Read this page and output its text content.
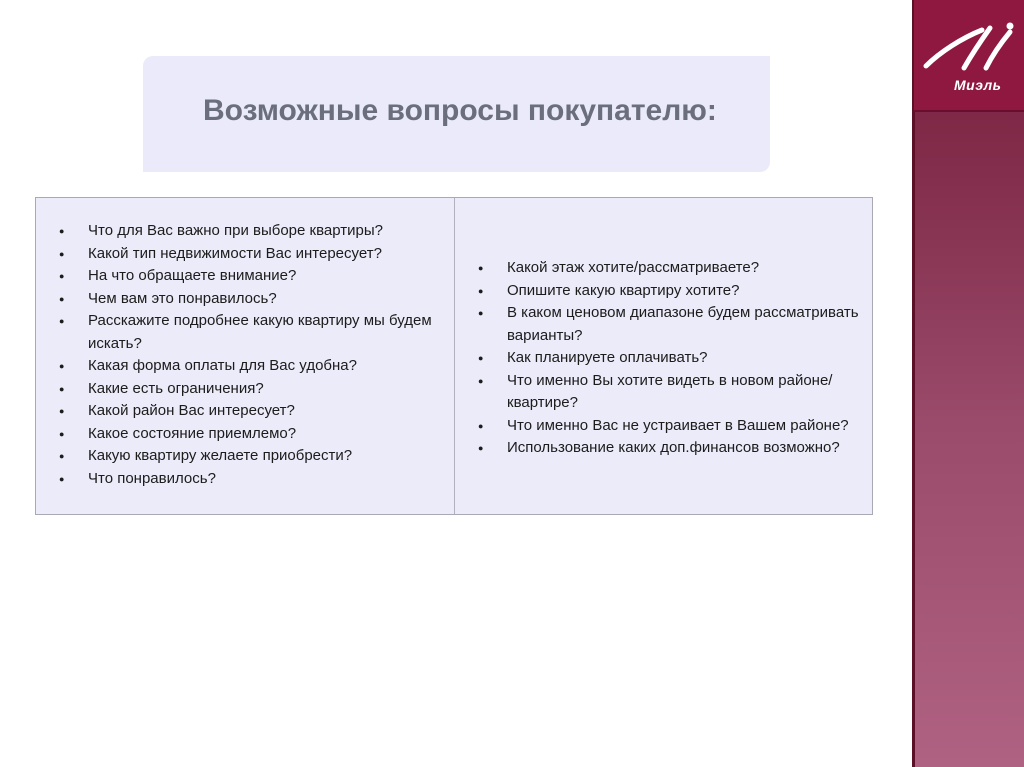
Возможные вопросы покупателю:
● Что для Вас важно при выборе квартиры?
● Какой тип недвижимости Вас интересует?
● На что обращаете внимание?
● Чем вам это понравилось?
● Расскажите подробнее какую квартиру мы будем искать?
● Какая форма оплаты для Вас удобна?
● Какие есть ограничения?
● Какой район Вас интересует?
● Какое состояние приемлемо?
● Какую квартиру желаете приобрести?
● Что понравилось?
● Какой этаж хотите/рассматриваете?
● Опишите какую квартиру хотите?
● В каком ценовом диапазоне будем рассматривать варианты?
● Как планируете оплачивать?
● Что именно Вы хотите видеть в новом районе/квартире?
● Что именно Вас не устраивает в Вашем районе?
● Использование каких доп.финансов возможно?
Миэль
